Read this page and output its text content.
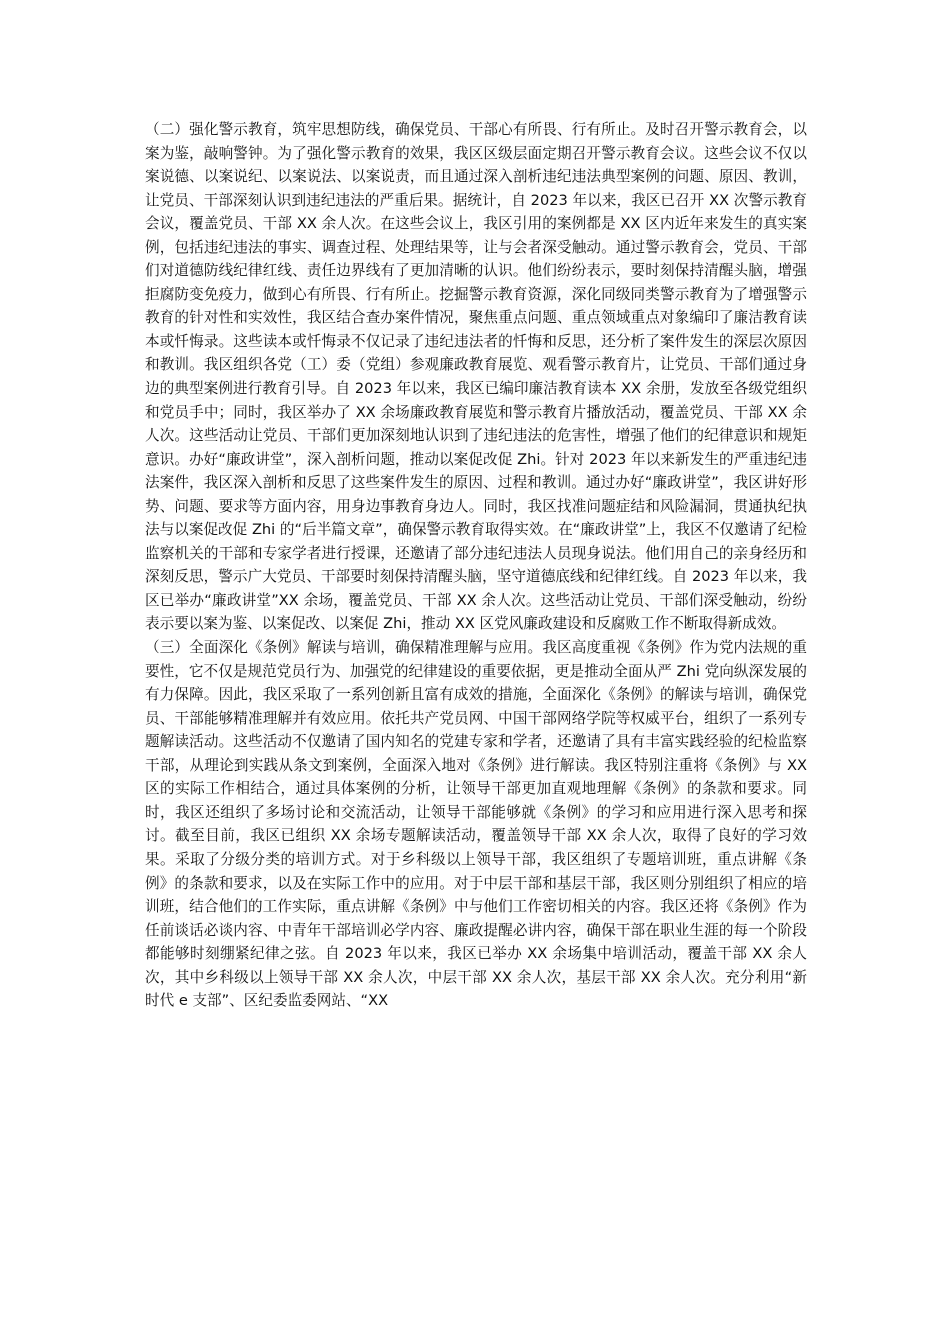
（二）强化警示教育，筑牢思想防线，确保党员、干部心有所畏、行有所止。及时召开警示教育会，以案为鉴，敲响警钟。为了强化警示教育的效果，我区区级层面定期召开警示教育会议。这些会议不仅以案说德、以案说纪、以案说法、以案说责，而且通过深入剖析违纪违法典型案例的问题、原因、教训，让党员、干部深刻认识到违纪违法的严重后果。据统计，自 2023 年以来，我区已召开 XX 次警示教育会议，覆盖党员、干部 XX 余人次。在这些会议上，我区引用的案例都是 XX 区内近年来发生的真实案例，包括违纪违法的事实、调查过程、处理结果等，让与会者深受触动。通过警示教育会，党员、干部们对道德防线纪律红线、责任边界线有了更加清晰的认识。他们纷纷表示，要时刻保持清醒头脑，增强拒腐防变免疫力，做到心有所畏、行有所止。挖掘警示教育资源，深化同级同类警示教育为了增强警示教育的针对性和实效性，我区结合查办案件情况，聚焦重点问题、重点领域重点对象编印了廉洁教育读本或忏悔录。这些读本或忏悔录不仅记录了违纪违法者的忏悔和反思，还分析了案件发生的深层次原因和教训。我区组织各党（工）委（党组）参观廉政教育展览、观看警示教育片，让党员、干部们通过身边的典型案例进行教育引导。自 2023 年以来，我区已编印廉洁教育读本 XX 余册，发放至各级党组织和党员手中；同时，我区举办了 XX 余场廉政教育展览和警示教育片播放活动，覆盖党员、干部 XX 余人次。这些活动让党员、干部们更加深刻地认识到了违纪违法的危害性，增强了他们的纪律意识和规矩意识。办好“廉政讲堂”，深入剖析问题，推动以案促改促 Zhi。针对 2023 年以来新发生的严重违纪违法案件，我区深入剖析和反思了这些案件发生的原因、过程和教训。通过办好“廉政讲堂”，我区讲好形势、问题、要求等方面内容，用身边事教育身边人。同时，我区找准问题症结和风险漏洞，贯通执纪执法与以案促改促 Zhi 的“后半篇文章”，确保警示教育取得实效。在“廉政讲堂”上，我区不仅邀请了纪检监察机关的干部和专家学者进行授课，还邀请了部分违纪违法人员现身说法。他们用自己的亲身经历和深刻反思，警示广大党员、干部要时刻保持清醒头脑，坚守道德底线和纪律红线。自 2023 年以来，我区已举办“廉政讲堂”XX 余场，覆盖党员、干部 XX 余人次。这些活动让党员、干部们深受触动，纷纷表示要以案为鉴、以案促改、以案促 Zhi，推动 XX 区党风廉政建设和反腐败工作不断取得新成效。

（三）全面深化《条例》解读与培训，确保精准理解与应用。我区高度重视《条例》作为党内法规的重要性，它不仅是规范党员行为、加强党的纪律建设的重要依据，更是推动全面从严 Zhi 党向纵深发展的有力保障。因此，我区采取了一系列创新且富有成效的措施，全面深化《条例》的解读与培训，确保党员、干部能够精准理解并有效应用。依托共产党员网、中国干部网络学院等权威平台，组织了一系列专题解读活动。这些活动不仅邀请了国内知名的党建专家和学者，还邀请了具有丰富实践经验的纪检监察干部，从理论到实践从条文到案例，全面深入地对《条例》进行解读。我区特别注重将《条例》与 XX 区的实际工作相结合，通过具体案例的分析，让领导干部更加直观地理解《条例》的条款和要求。同时，我区还组织了多场讨论和交流活动，让领导干部能够就《条例》的学习和应用进行深入思考和探讨。截至目前，我区已组织 XX 余场专题解读活动，覆盖领导干部 XX 余人次，取得了良好的学习效果。采取了分级分类的培训方式。对于乡科级以上领导干部，我区组织了专题培训班，重点讲解《条例》的条款和要求，以及在实际工作中的应用。对于中层干部和基层干部，我区则分别组织了相应的培训班，结合他们的工作实际，重点讲解《条例》中与他们工作密切相关的内容。我区还将《条例》作为任前谈话必谈内容、中青年干部培训必学内容、廉政提醒必讲内容，确保干部在职业生涯的每一个阶段都能够时刻绷紧纪律之弦。自 2023 年以来，我区已举办 XX 余场集中培训活动，覆盖干部 XX 余人次，其中乡科级以上领导干部 XX 余人次，中层干部 XX 余人次，基层干部 XX 余人次。充分利用“新时代 e 支部”、区纪委监委网站、“XX
